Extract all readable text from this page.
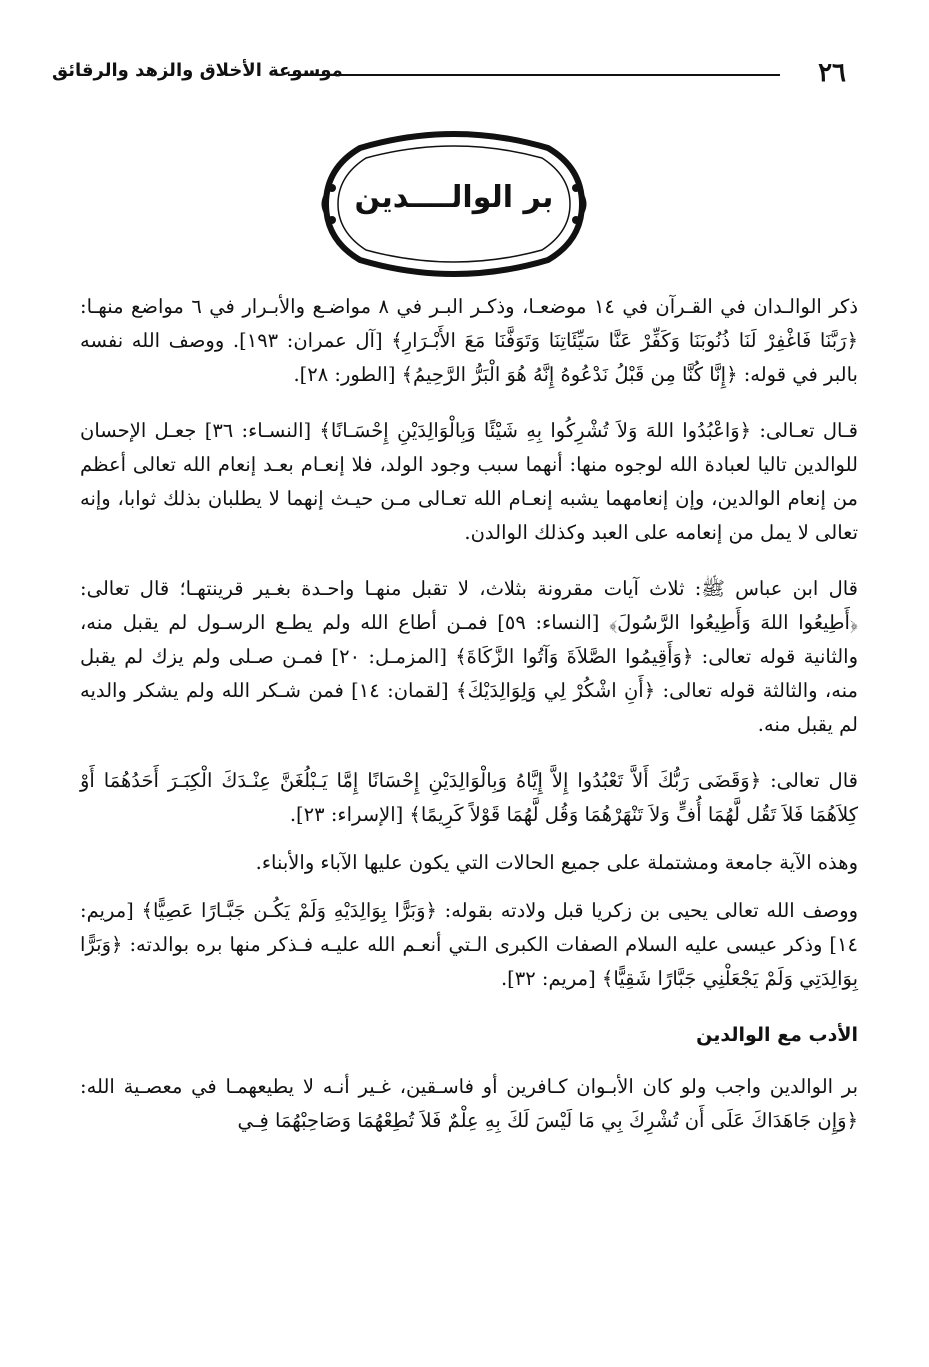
٢٦
موسوعة الأخلاق والزهد والرقائق
بر الوالــــدين

ذكر الوالـدان في القـرآن في ١٤ موضعـا، وذكـر البـر في ٨ مواضـع والأبـرار في ٦ مواضع منهـا: ﴿رَبَّنَا فَاغْفِرْ لَنَا ذُنُوبَنَا وَكَفِّرْ عَنَّا سَيِّئَاتِنَا وَتَوَفَّنَا مَعَ الأَبْـرَارِ﴾ [آل عمران: ١٩٣]. ووصف الله نفسه بالبر في قوله: ﴿إِنَّا كُنَّا مِن قَبْلُ نَدْعُوهُ إِنَّهُ هُوَ الْبَرُّ الرَّحِيمُ﴾ [الطور: ٢٨].

قـال تعـالى: ﴿وَاعْبُدُوا اللهَ وَلاَ تُشْرِكُوا بِهِ شَيْئًا وَبِالْوَالِدَيْنِ إِحْسَـانًا﴾ [النسـاء: ٣٦] جعـل الإحسان للوالدين تاليا لعبادة الله لوجوه منها: أنهما سبب وجود الولد، فلا إنعـام بعـد إنعام الله تعالى أعظم من إنعام الوالدين، وإن إنعامهما يشبه إنعـام الله تعـالى مـن حيـث إنهما لا يطلبان بذلك ثوابا، وإنه تعالى لا يمل من إنعامه على العبد وكذلك الوالدن.

قال ابن عباس ﷺ: ثلاث آيات مقرونة بثلاث، لا تقبل منهـا واحـدة بغـير قرينتهـا؛ قال تعالى: ﴿أَطِيعُوا اللهَ وَأَطِيعُوا الرَّسُولَ﴾ [النساء: ٥٩] فمـن أطاع الله ولم يطـع الرسـول لم يقبل منه، والثانية قوله تعالى: ﴿وَأَقِيمُوا الصَّلاَةَ وَآتُوا الزَّكَاةَ﴾ [المزمـل: ٢٠] فمـن صـلى ولم يزك لم يقبل منه، والثالثة قوله تعالى: ﴿أَنِ اشْكُرْ لِي وَلِوَالِدَيْكَ﴾ [لقمان: ١٤] فمن شـكر الله ولم يشكر والديه لم يقبل منه.

قال تعالى: ﴿وَقَضَى رَبُّكَ أَلاَّ تَعْبُدُوا إِلاَّ إِيَّاهُ وَبِالْوَالِدَيْنِ إِحْسَانًا إِمَّا يَـبْلُغَنَّ عِنْـدَكَ الْكِبَـرَ أَحَدُهُمَا أَوْ كِلاَهُمَا فَلاَ تَقُل لَّهُمَا أُفٍّ وَلاَ تَنْهَرْهُمَا وَقُل لَّهُمَا قَوْلاً كَرِيمًا﴾ [الإسراء: ٢٣].

وهذه الآية جامعة ومشتملة على جميع الحالات التي يكون عليها الآباء والأبناء.

ووصف الله تعالى يحيى بن زكريا قبل ولادته بقوله: ﴿وَبَرًّا بِوَالِدَيْهِ وَلَمْ يَكُـن جَبَّـارًا عَصِيًّا﴾ [مريم: ١٤] وذكر عيسى عليه السلام الصفات الكبرى الـتي أنعـم الله عليـه فـذكر منها بره بوالدته: ﴿وَبَرًّا بِوَالِدَتِي وَلَمْ يَجْعَلْنِي جَبَّارًا شَقِيًّا﴾ [مريم: ٣٢].

الأدب مع الوالدين

بر الوالدين واجب ولو كان الأبـوان كـافرين أو فاسـقين، غـير أنـه لا يطيعهمـا في معصـية الله: ﴿وَإِن جَاهَدَاكَ عَلَى أَن تُشْرِكَ بِي مَا لَيْسَ لَكَ بِهِ عِلْمٌ فَلاَ تُطِعْهُمَا وَصَاحِبْهُمَا فِـي
